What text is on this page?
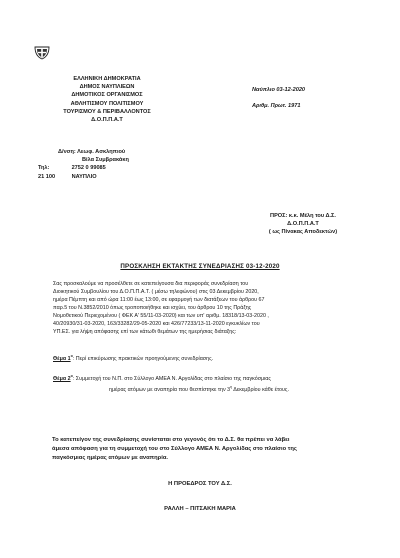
ΕΛΛΗΝΙΚΗ ΔΗΜΟΚΡΑΤΙΑ
ΔΗΜΟΣ ΝΑΥΠΛΙΕΩΝ
ΔΗΜΟΤΙΚΟΣ ΟΡΓΑΝΙΣΜΟΣ
ΑΘΛΗΤΙΣΜΟΥ ΠΟΛΙΤΙΣΜΟΥ
ΤΟΥΡΙΣΜΟΥ & ΠΕΡΙΒΑΛΛΟΝΤΟΣ
Δ.Ο.Π.Π.Α.Τ
Δ/νση: Λεωφ. Ασκληπιού
Βίλα Συμβρακάκη
Τηλ:	2752 0 99085
21 100	ΝΑΥΠΛΙΟ
Ναύπλιο 03-12-2020
Αριθμ. Πρωτ. 1971
ΠΡΟΣ: κ.κ. Μέλη του Δ.Σ.
Δ.Ο.Π.Π.Α.Τ
( ως Πίνακας Αποδεκτών)
ΠΡΟΣΚΛΗΣΗ ΕΚΤΑΚΤΗΣ ΣΥΝΕΔΡΙΑΣΗΣ 03-12-2020
Σας προσκαλούμε να προσέλθετε σε κατεπείγουσα δια περιφοράς συνεδρίαση του
Διοικητικού Συμβουλίου του Δ.Ο.Π.Π.Α.Τ. ( μέσω τηλεφώνου) στις 03 Δεκεμβρίου 2020,
ημέρα Πέμπτη και από ώρα 11:00 έως 13:00, σε εφαρμογή των διατάξεων του άρθρου 67
παρ.5 του Ν.3852/2010 όπως τροποποιήθηκε και ισχύει, του άρθρου 10 της Πράξης
Νομοθετικού Περιεχομένου ( ΦΕΚ Α' 55/11-03-2020) και των υπ' αριθμ. 18318/13-03-2020 ,
40/20930/31-03-2020, 163/33282/29-05-2020 και 426/77233/13-11-2020 εγκυκλίων του
ΥΠ.ΕΣ. για λήψη απόφασης επί των κάτωθι θεμάτων της ημερήσιας διάταξης:
Θέμα $1^o$: Περί επικύρωσης πρακτικών προηγούμενης συνεδρίασης.
Θέμα $2^o$: Συμμετοχή του Ν.Π. στο Σύλλογο ΑΜΕΑ Ν. Αργολίδας στο πλαίσιο της παγκόσμιας
ημέρας ατόμων με αναπηρία που θεσπίστηκε την $3^\eta$ Δεκεμβρίου κάθε έτους.
Το κατεπείγον της συνεδρίασης συνίσταται στο γεγονός ότι το Δ.Σ. θα πρέπει να λάβει
άμεσα απόφαση για τη συμμετοχή του στο Σύλλογο ΑΜΕΑ Ν. Αργολίδας στο πλαίσιο της
παγκόσμιας ημέρας ατόμων με αναπηρία.
Η ΠΡΟΕΔΡΟΣ ΤΟΥ Δ.Σ.
ΡΑΛΛΗ – ΠΙΤΣΑΚΗ ΜΑΡΙΑ
